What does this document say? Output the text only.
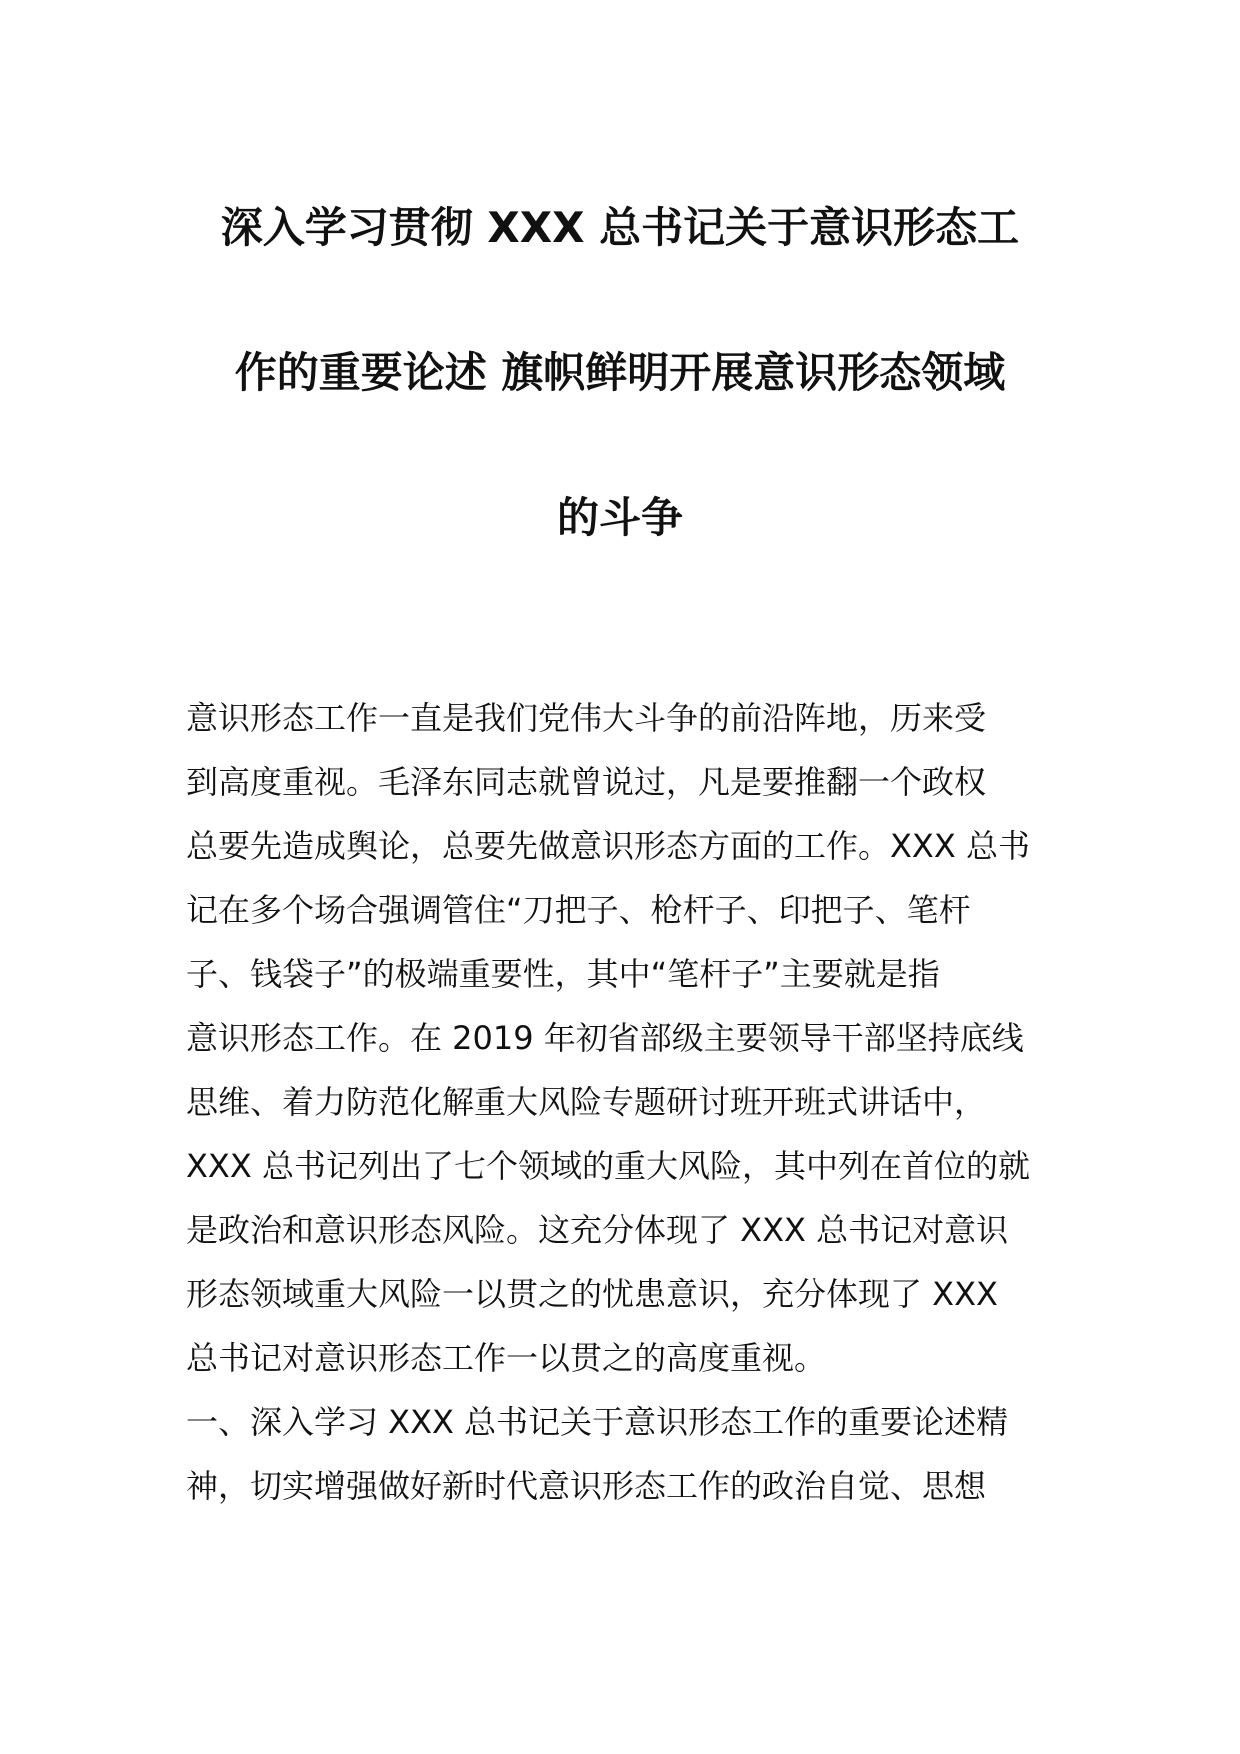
深入学习贯彻 XXX 总书记关于意识形态工
作的重要论述 旗帜鲜明开展意识形态领域
的斗争
意识形态工作一直是我们党伟大斗争的前沿阵地，历来受
到高度重视。毛泽东同志就曾说过，凡是要推翻一个政权
总要先造成舆论，总要先做意识形态方面的工作。XXX 总书
记在多个场合强调管住“刀把子、枪杆子、印把子、笔杆
子、钱袋子”的极端重要性，其中“笔杆子”主要就是指
意识形态工作。在 2019 年初省部级主要领导干部坚持底线
思维、着力防范化解重大风险专题研讨班开班式讲话中，
XXX 总书记列出了七个领域的重大风险，其中列在首位的就
是政治和意识形态风险。这充分体现了 XXX 总书记对意识
形态领域重大风险一以贯之的忧患意识，充分体现了 XXX
总书记对意识形态工作一以贯之的高度重视。
一、深入学习 XXX 总书记关于意识形态工作的重要论述精
神，切实增强做好新时代意识形态工作的政治自觉、思想
